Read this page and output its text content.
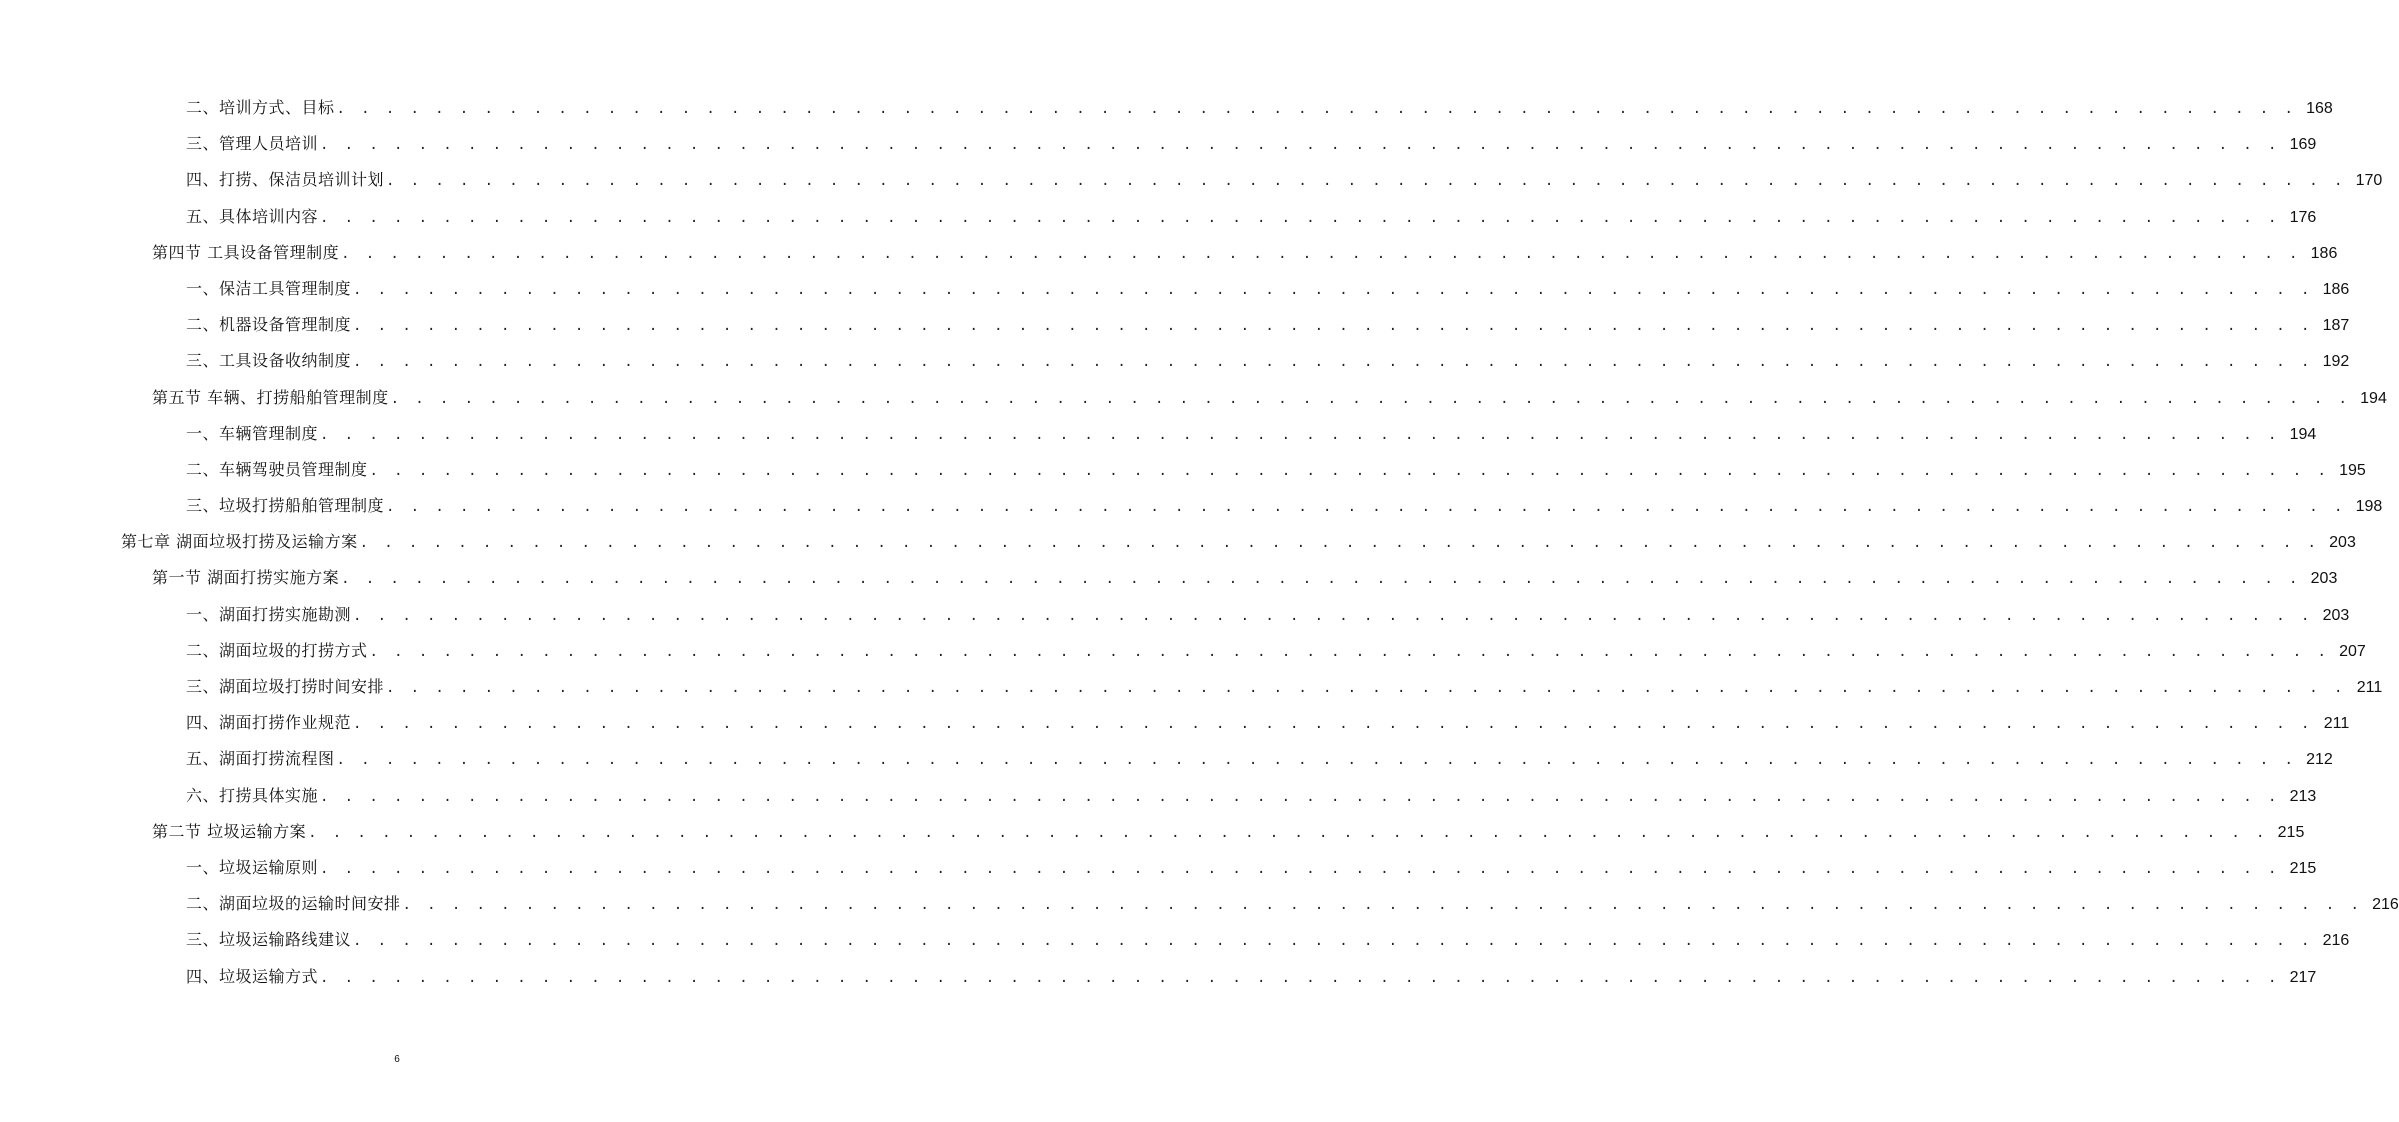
二、培训方式、目标 . . . . . . . . . . . . . . . . . . . . . . . . . . . . . . . . . . . . . . . . . . . . . . . . . . . . . . . . . . . . . . . . . . . . . . . . . . . . . . . . 168
三、管理人员培训 . . . . . . . . . . . . . . . . . . . . . . . . . . . . . . . . . . . . . . . . . . . . . . . . . . . . . . . . . . . . . . . . . . . . . . . . . . . . . . . . 169
四、打捞、保洁员培训计划 . . . . . . . . . . . . . . . . . . . . . . . . . . . . . . . . . . . . . . . . . . . . . . . . . . . . . . . . . . . . . . . . . . . . . . . . . . . . . . . . 170
五、具体培训内容 . . . . . . . . . . . . . . . . . . . . . . . . . . . . . . . . . . . . . . . . . . . . . . . . . . . . . . . . . . . . . . . . . . . . . . . . . . . . . . . . 176
第四节 工具设备管理制度 . . . . . . . . . . . . . . . . . . . . . . . . . . . . . . . . . . . . . . . . . . . . . . . . . . . . . . . . . . . . . . . . . . . . . . . . . . . . . . . . 186
一、保洁工具管理制度 . . . . . . . . . . . . . . . . . . . . . . . . . . . . . . . . . . . . . . . . . . . . . . . . . . . . . . . . . . . . . . . . . . . . . . . . . . . . . . . . 186
二、机器设备管理制度 . . . . . . . . . . . . . . . . . . . . . . . . . . . . . . . . . . . . . . . . . . . . . . . . . . . . . . . . . . . . . . . . . . . . . . . . . . . . . . . . 187
三、工具设备收纳制度 . . . . . . . . . . . . . . . . . . . . . . . . . . . . . . . . . . . . . . . . . . . . . . . . . . . . . . . . . . . . . . . . . . . . . . . . . . . . . . . . 192
第五节 车辆、打捞船舶管理制度 . . . . . . . . . . . . . . . . . . . . . . . . . . . . . . . . . . . . . . . . . . . . . . . . . . . . . . . . . . . . . . . . . . . . . . . . . . . . . . . . 194
一、车辆管理制度 . . . . . . . . . . . . . . . . . . . . . . . . . . . . . . . . . . . . . . . . . . . . . . . . . . . . . . . . . . . . . . . . . . . . . . . . . . . . . . . . 194
二、车辆驾驶员管理制度 . . . . . . . . . . . . . . . . . . . . . . . . . . . . . . . . . . . . . . . . . . . . . . . . . . . . . . . . . . . . . . . . . . . . . . . . . . . . . . . . 195
三、垃圾打捞船舶管理制度 . . . . . . . . . . . . . . . . . . . . . . . . . . . . . . . . . . . . . . . . . . . . . . . . . . . . . . . . . . . . . . . . . . . . . . . . . . . . . . . . 198
第七章 湖面垃圾打捞及运输方案 . . . . . . . . . . . . . . . . . . . . . . . . . . . . . . . . . . . . . . . . . . . . . . . . . . . . . . . . . . . . . . . . . . . . . . . . . . . . . . . . 203
第一节 湖面打捞实施方案 . . . . . . . . . . . . . . . . . . . . . . . . . . . . . . . . . . . . . . . . . . . . . . . . . . . . . . . . . . . . . . . . . . . . . . . . . . . . . . . . 203
一、湖面打捞实施勘测 . . . . . . . . . . . . . . . . . . . . . . . . . . . . . . . . . . . . . . . . . . . . . . . . . . . . . . . . . . . . . . . . . . . . . . . . . . . . . . . . 203
二、湖面垃圾的打捞方式 . . . . . . . . . . . . . . . . . . . . . . . . . . . . . . . . . . . . . . . . . . . . . . . . . . . . . . . . . . . . . . . . . . . . . . . . . . . . . . . . 207
三、湖面垃圾打捞时间安排 . . . . . . . . . . . . . . . . . . . . . . . . . . . . . . . . . . . . . . . . . . . . . . . . . . . . . . . . . . . . . . . . . . . . . . . . . . . . . . . . 211
四、湖面打捞作业规范 . . . . . . . . . . . . . . . . . . . . . . . . . . . . . . . . . . . . . . . . . . . . . . . . . . . . . . . . . . . . . . . . . . . . . . . . . . . . . . . . 211
五、湖面打捞流程图 . . . . . . . . . . . . . . . . . . . . . . . . . . . . . . . . . . . . . . . . . . . . . . . . . . . . . . . . . . . . . . . . . . . . . . . . . . . . . . . . 212
六、打捞具体实施 . . . . . . . . . . . . . . . . . . . . . . . . . . . . . . . . . . . . . . . . . . . . . . . . . . . . . . . . . . . . . . . . . . . . . . . . . . . . . . . . 213
第二节 垃圾运输方案 . . . . . . . . . . . . . . . . . . . . . . . . . . . . . . . . . . . . . . . . . . . . . . . . . . . . . . . . . . . . . . . . . . . . . . . . . . . . . . . . 215
一、垃圾运输原则 . . . . . . . . . . . . . . . . . . . . . . . . . . . . . . . . . . . . . . . . . . . . . . . . . . . . . . . . . . . . . . . . . . . . . . . . . . . . . . . . 215
二、湖面垃圾的运输时间安排 . . . . . . . . . . . . . . . . . . . . . . . . . . . . . . . . . . . . . . . . . . . . . . . . . . . . . . . . . . . . . . . . . . . . . . . . . . . . . . . . 216
三、垃圾运输路线建议 . . . . . . . . . . . . . . . . . . . . . . . . . . . . . . . . . . . . . . . . . . . . . . . . . . . . . . . . . . . . . . . . . . . . . . . . . . . . . . . . 216
四、垃圾运输方式 . . . . . . . . . . . . . . . . . . . . . . . . . . . . . . . . . . . . . . . . . . . . . . . . . . . . . . . . . . . . . . . . . . . . . . . . . . . . . . . . 217
6
